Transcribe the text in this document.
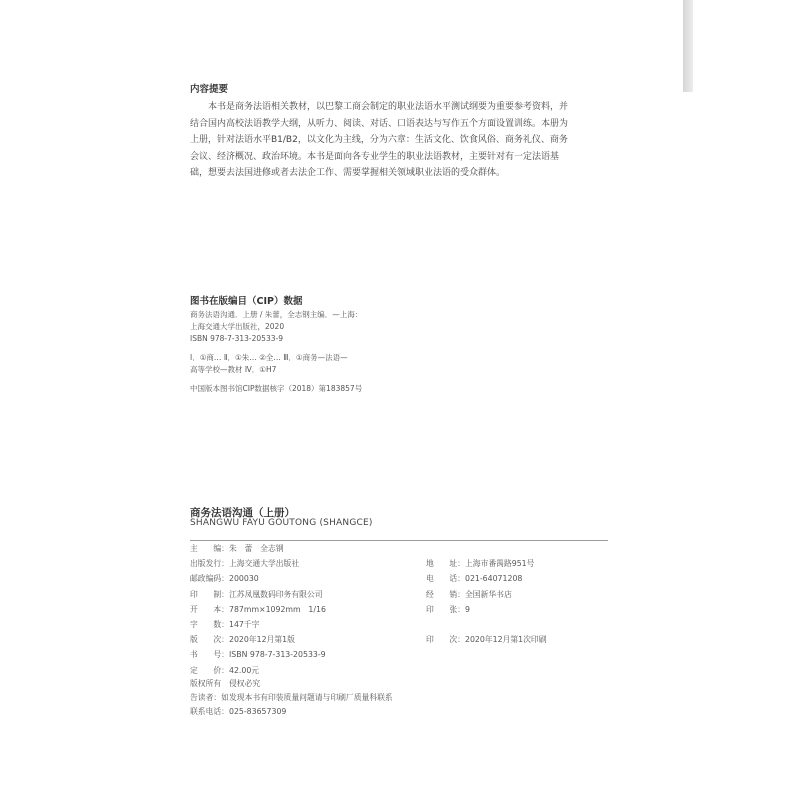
内容提要
本书是商务法语相关教材，以巴黎工商会制定的职业法语水平测试纲要为重要参考资料，并结合国内高校法语教学大纲，从听力、阅读、对话、口语表达与写作五个方面设置训练。本册为上册，针对法语水平B1/B2，以文化为主线，分为六章：生活文化、饮食风俗、商务礼仪、商务会议、经济概况、政治环境。本书是面向各专业学生的职业法语教材，主要针对有一定法语基础，想要去法国进修或者去法企工作、需要掌握相关领域职业法语的受众群体。
图书在版编目（CIP）数据
商务法语沟通．上册 / 朱蕾，全志钢主编．—上海：
上海交通大学出版社，2020
ISBN 978-7-313-20533-9
Ⅰ．①商… Ⅱ．①朱… ②全… Ⅲ．①商务—法语—
高等学校—教材 Ⅳ．①H7
中国版本图书馆CIP数据核字（2018）第183857号
商务法语沟通（上册）
SHANGWU FAYU GOUTONG (SHANGCE)
主　　编：朱　蕾　全志钢
出版发行：上海交通大学出版社	地　　址：上海市番禺路951号
邮政编码：200030	电　　话：021-64071208
印　　制：江苏凤凰数码印务有限公司	经　　销：全国新华书店
开　　本：787mm×1092mm　1/16	印　　张：9
字　　数：147千字
版　　次：2020年12月第1版	印　　次：2020年12月第1次印刷
书　　号：ISBN 978-7-313-20533-9
定　　价：42.00元
版权所有　侵权必究
告读者：如发现本书有印装质量问题请与印刷厂质量科联系
联系电话：025-83657309
